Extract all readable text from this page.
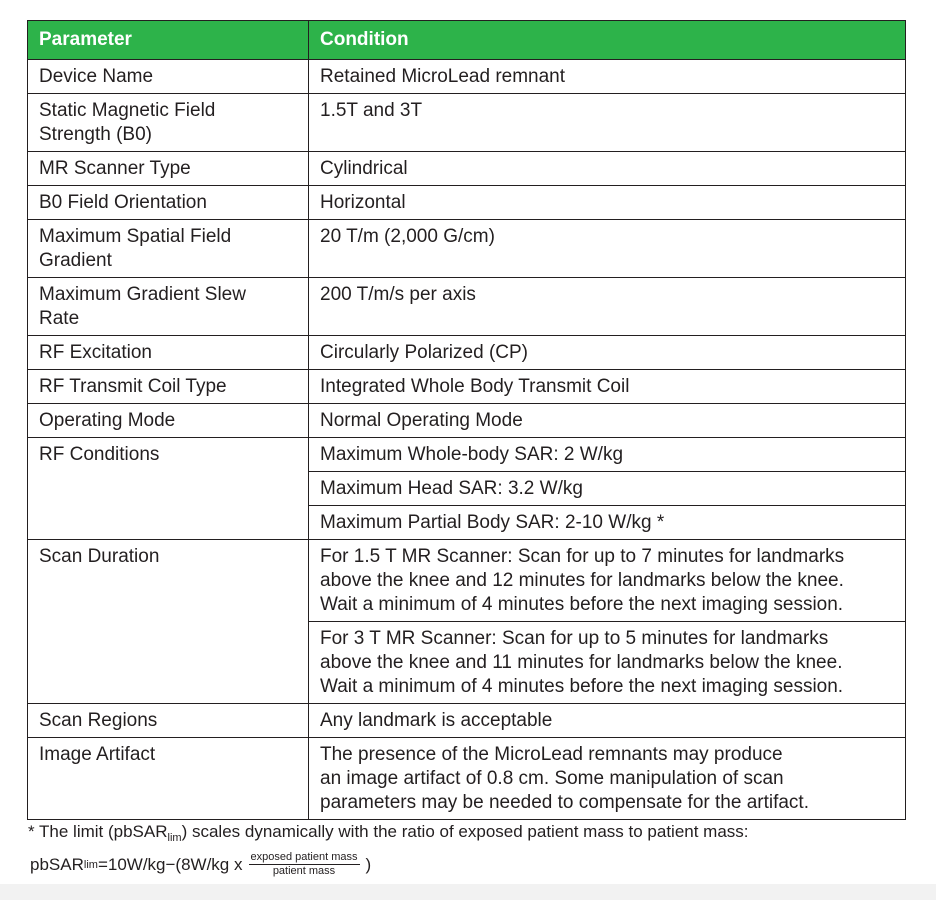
Parameter	Condition

Device Name	Retained MicroLead remnant

Static Magnetic Field
Strength (B0)	1.5T and 3T

MR Scanner Type	Cylindrical

B0 Field Orientation	Horizontal

Maximum Spatial Field
Gradient	20 T/m (2,000 G/cm)

Maximum Gradient Slew
Rate	200 T/m/s per axis

RF Excitation	Circularly Polarized (CP)

RF Transmit Coil Type	Integrated Whole Body Transmit Coil

Operating Mode	Normal Operating Mode

RF Conditions	Maximum Whole-body SAR: 2 W/kg

	Maximum Head SAR: 3.2 W/kg

	Maximum Partial Body SAR: 2-10 W/kg *

Scan Duration	For 1.5 T MR Scanner: Scan for up to 7 minutes for landmarks
above the knee and 12 minutes for landmarks below the knee.
Wait a minimum of 4 minutes before the next imaging session.

	For 3 T MR Scanner: Scan for up to 5 minutes for landmarks
above the knee and 11 minutes for landmarks below the knee.
Wait a minimum of 4 minutes before the next imaging session.

Scan Regions	Any landmark is acceptable

Image Artifact	The presence of the MicroLead remnants may produce
an image artifact of 0.8 cm. Some manipulation of scan
parameters may be needed to compensate for the artifact.
* The limit (pbSAR$_{lim}$) scales dynamically with the ratio of exposed patient mass to patient mass:
pbSAR lim =10W/kg−(8W/kg x $\frac{\text{exposed patient mass}}{\text{patient mass}}$ )
